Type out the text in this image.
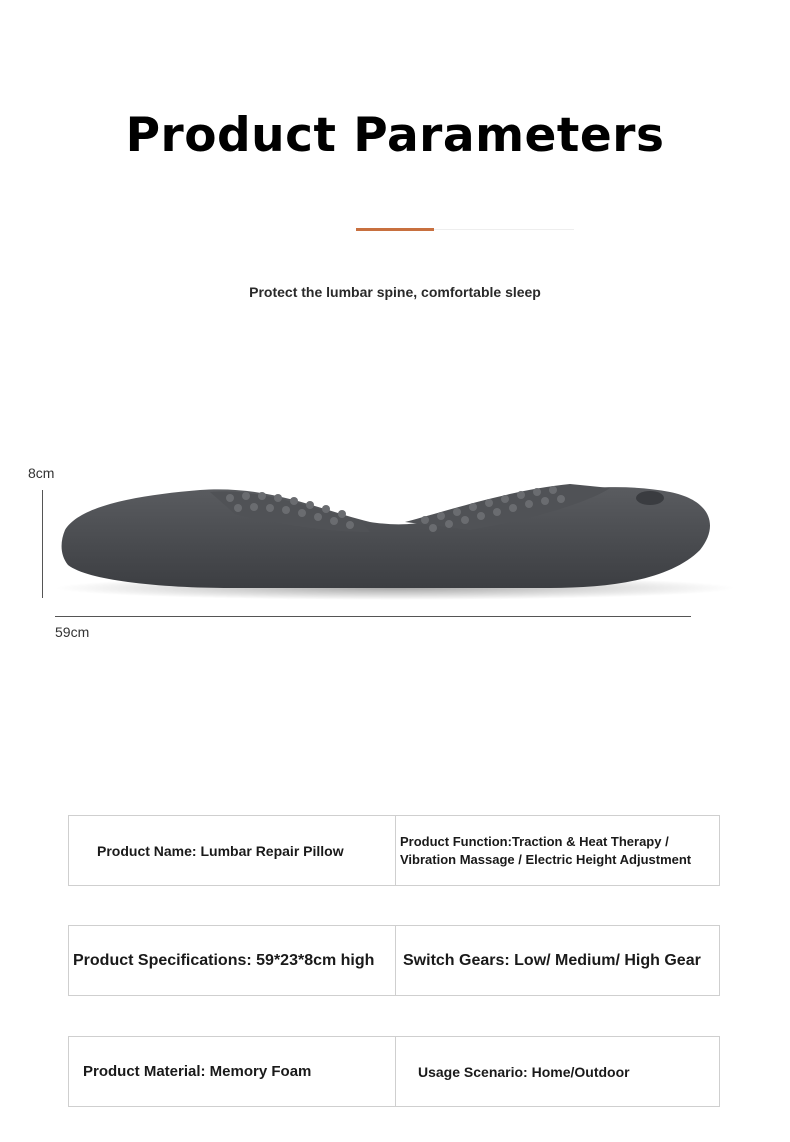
Product Parameters
Protect the lumbar spine, comfortable sleep
8cm
59cm
Product Name: Lumbar Repair Pillow
Product Function:Traction & Heat Therapy /
Vibration Massage / Electric Height Adjustment
Product Specifications: 59*23*8cm high	Switch Gears: Low/ Medium/ High Gear
Product Material: Memory Foam	Usage Scenario: Home/Outdoor
